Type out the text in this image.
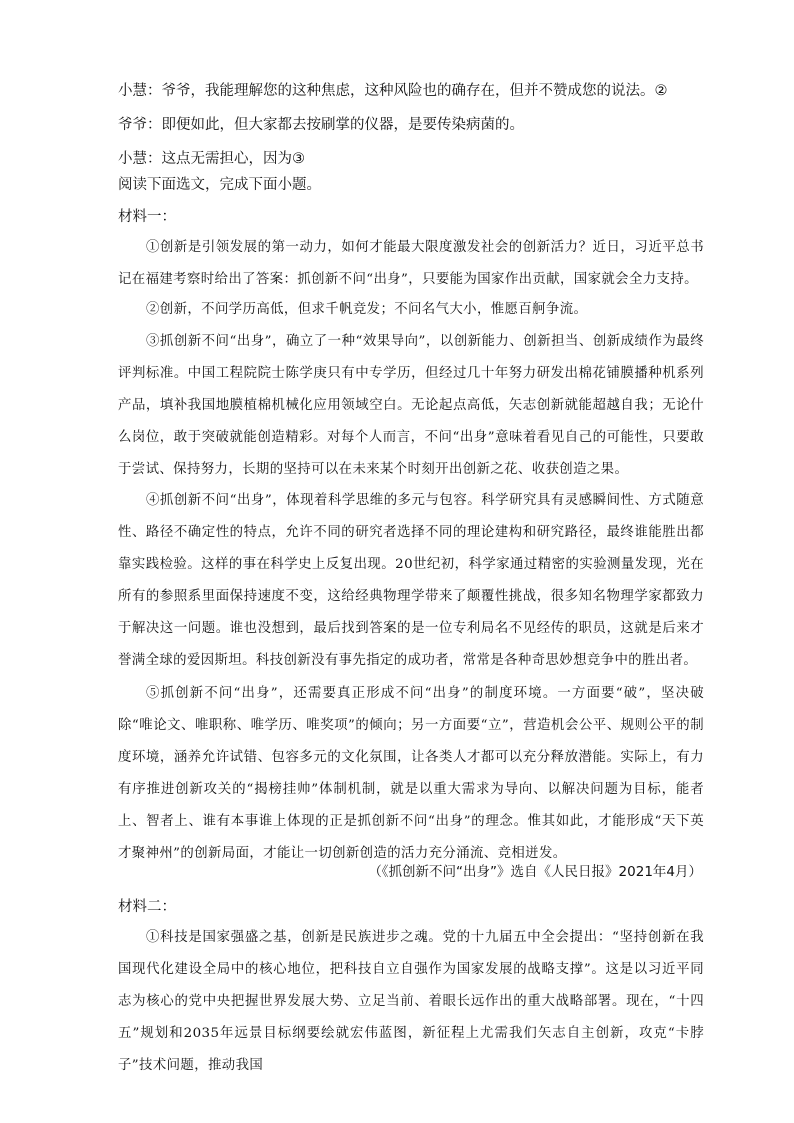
小慧：爷爷，我能理解您的这种焦虑，这种风险也的确存在，但并不赞成您的说法。②
爷爷：即便如此，但大家都去按刷掌的仪器，是要传染病菌的。
小慧：这点无需担心，因为③
阅读下面选文，完成下面小题。
材料一：
①创新是引领发展的第一动力，如何才能最大限度激发社会的创新活力？近日，习近平总书记在福建考察时给出了答案：抓创新不问“出身”，只要能为国家作出贡献，国家就会全力支持。
②创新，不问学历高低，但求千帆竞发；不问名气大小，惟愿百舸争流。
③抓创新不问“出身”，确立了一种“效果导向”，以创新能力、创新担当、创新成绩作为最终评判标准。中国工程院院士陈学庚只有中专学历，但经过几十年努力研发出棉花铺膜播种机系列产品，填补我国地膜植棉机械化应用领域空白。无论起点高低，矢志创新就能超越自我；无论什么岗位，敢于突破就能创造精彩。对每个人而言，不问“出身”意味着看见自己的可能性，只要敢于尝试、保持努力，长期的坚持可以在未来某个时刻开出创新之花、收获创造之果。
④抓创新不问“出身”，体现着科学思维的多元与包容。科学研究具有灵感瞬间性、方式随意性、路径不确定性的特点，允许不同的研究者选择不同的理论建构和研究路径，最终谁能胜出都靠实践检验。这样的事在科学史上反复出现。20世纪初，科学家通过精密的实验测量发现，光在所有的参照系里面保持速度不变，这给经典物理学带来了颠覆性挑战，很多知名物理学家都致力于解决这一问题。谁也没想到，最后找到答案的是一位专利局名不见经传的职员，这就是后来才誉满全球的爱因斯坦。科技创新没有事先指定的成功者，常常是各种奇思妙想竞争中的胜出者。
⑤抓创新不问“出身”，还需要真正形成不问“出身”的制度环境。一方面要“破”，坚决破除“唯论文、唯职称、唯学历、唯奖项”的倾向；另一方面要“立”，营造机会公平、规则公平的制度环境，涵养允许试错、包容多元的文化氛围，让各类人才都可以充分释放潜能。实际上，有力有序推进创新攻关的“揭榜挂帅”体制机制，就是以重大需求为导向、以解决问题为目标，能者上、智者上、谁有本事谁上体现的正是抓创新不问“出身”的理念。惟其如此，才能形成“天下英才聚神州”的创新局面，才能让一切创新创造的活力充分涌流、竞相迸发。
（《抓创新不问“出身”》选自《人民日报》2021年4月）
材料二：
①科技是国家强盛之基，创新是民族进步之魂。党的十九届五中全会提出：“坚持创新在我国现代化建设全局中的核心地位，把科技自立自强作为国家发展的战略支撑”。这是以习近平同志为核心的党中央把握世界发展大势、立足当前、着眼长远作出的重大战略部署。现在，“十四五”规划和2035年远景目标纲要绘就宏伟蓝图，新征程上尤需我们矢志自主创新，攻克“卡脖子”技术问题，推动我国
